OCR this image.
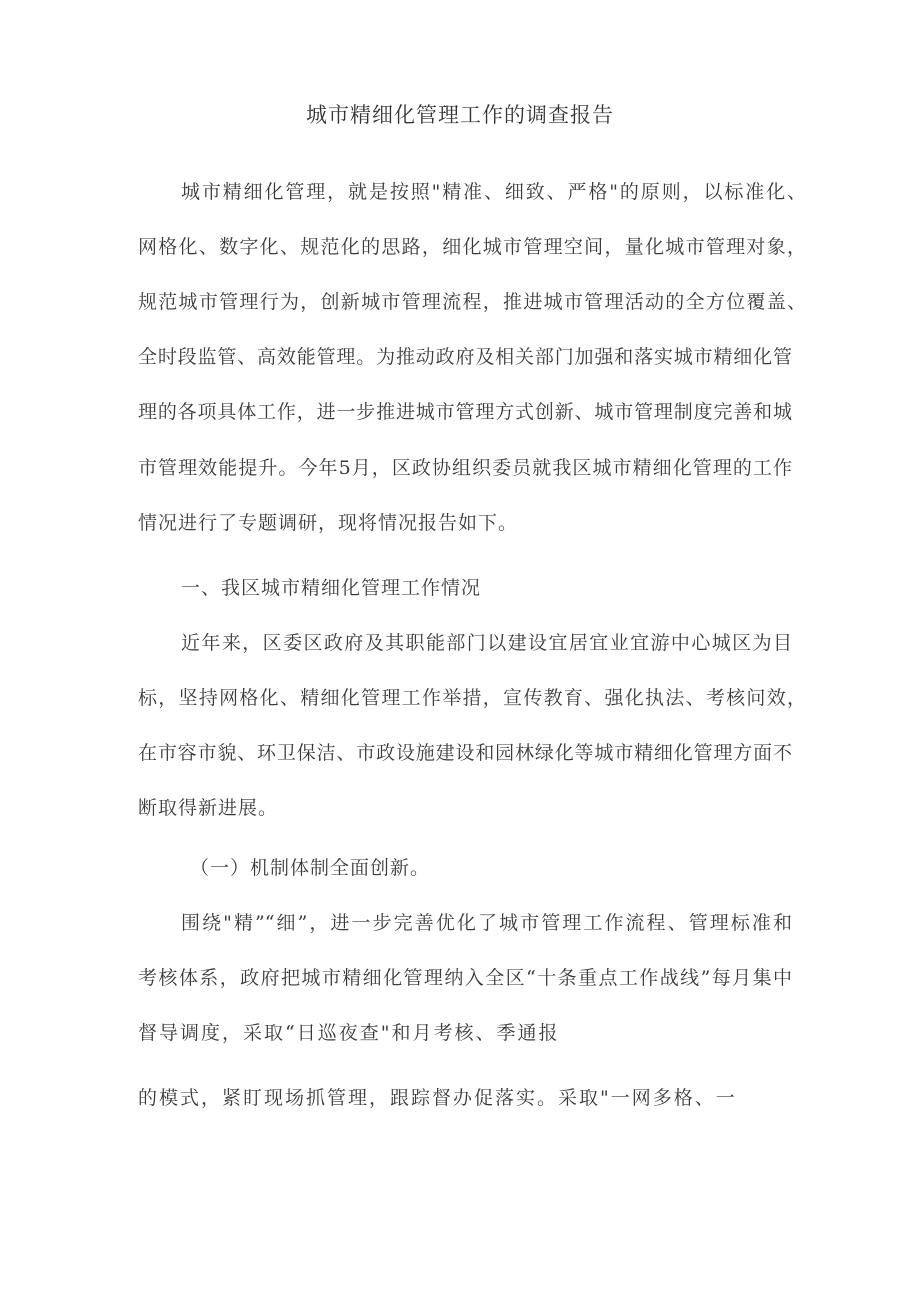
城市精细化管理工作的调查报告
城市精细化管理，就是按照"精准、细致、严格"的原则，以标准化、
网格化、数字化、规范化的思路，细化城市管理空间，量化城市管理对象，
规范城市管理行为，创新城市管理流程，推进城市管理活动的全方位覆盖、
全时段监管、高效能管理。为推动政府及相关部门加强和落实城市精细化管
理的各项具体工作，进一步推进城市管理方式创新、城市管理制度完善和城
市管理效能提升。今年5月，区政协组织委员就我区城市精细化管理的工作
情况进行了专题调研，现将情况报告如下。
一、我区城市精细化管理工作情况
近年来，区委区政府及其职能部门以建设宜居宜业宜游中心城区为目
标，坚持网格化、精细化管理工作举措，宣传教育、强化执法、考核问效，
在市容市貌、环卫保洁、市政设施建设和园林绿化等城市精细化管理方面不
断取得新进展。
（一）机制体制全面创新。
围绕"精”“细”，进一步完善优化了城市管理工作流程、管理标准和
考核体系，政府把城市精细化管理纳入全区“十条重点工作战线”每月集中
督导调度，采取“日巡夜查"和月考核、季通报
的模式，紧盯现场抓管理，跟踪督办促落实。采取"一网多格、一
